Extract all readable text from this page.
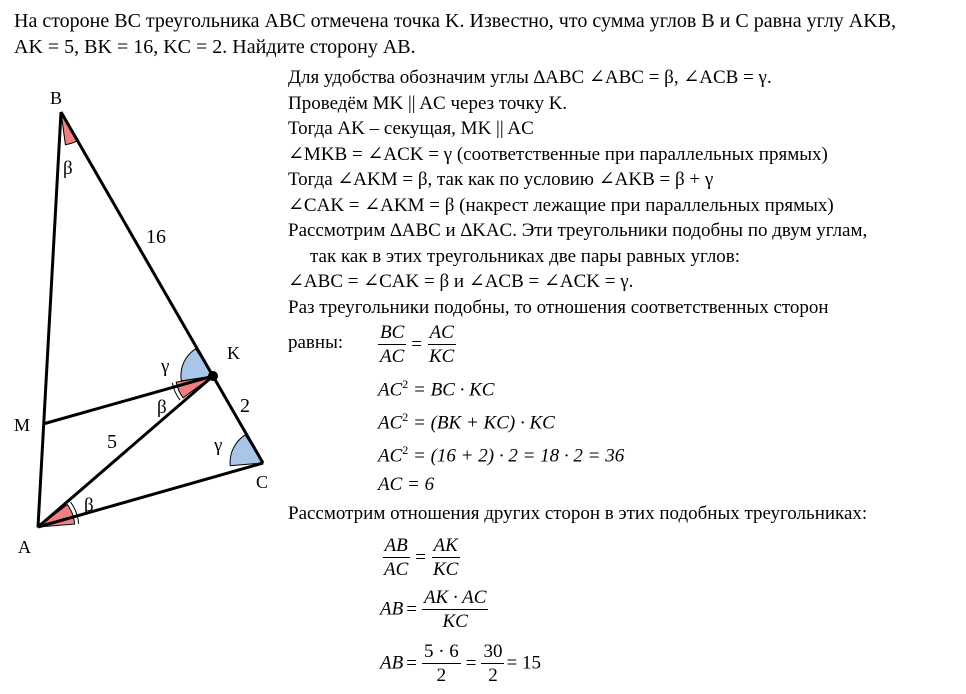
На стороне BC треугольника ABC отмечена точка K. Известно, что сумма углов B и C равна углу AKB,
AK = 5, BK = 16, KC = 2. Найдите сторону AB.
B
A
C
K
M
16
5
2
β
γ
β
γ
β
Для удобства обозначим углы ∆ABC ∠ABC = β, ∠ACB = γ.
Проведём MK || AC через точку K.
Тогда AK – секущая, MK || AC
∠MKB = ∠ACK = γ (соответственные при параллельных прямых)
Тогда ∠AKM = β, так как по условию ∠AKB = β + γ
∠CAK = ∠AKM = β (накрест лежащие при параллельных прямых)
Рассмотрим ∆ABC и ∆KAC. Эти треугольники подобны по двум углам,
так как в этих треугольниках две пары равных углов:
∠ABC = ∠CAK = β и ∠ACB = ∠ACK = γ.
Раз треугольники подобны, то отношения соответственных сторон
равны: $\frac{BC}{AC} = \frac{AC}{KC}$
$AC^2$ = BC · KC
$AC^2 = (BK + KC)$ · KC
$AC^2 = (16 + 2) \cdot 2 = 18 \cdot 2 = 36$
AC = 6
Рассмотрим отношения других сторон в этих подобных треугольниках:
$\frac{AB}{AC} = \frac{AK}{KC}$
AB = $\frac{AK \cdot AC}{KC}$
AB = $\frac{5 \cdot 6}{2} = \frac{30}{2} = 15$
